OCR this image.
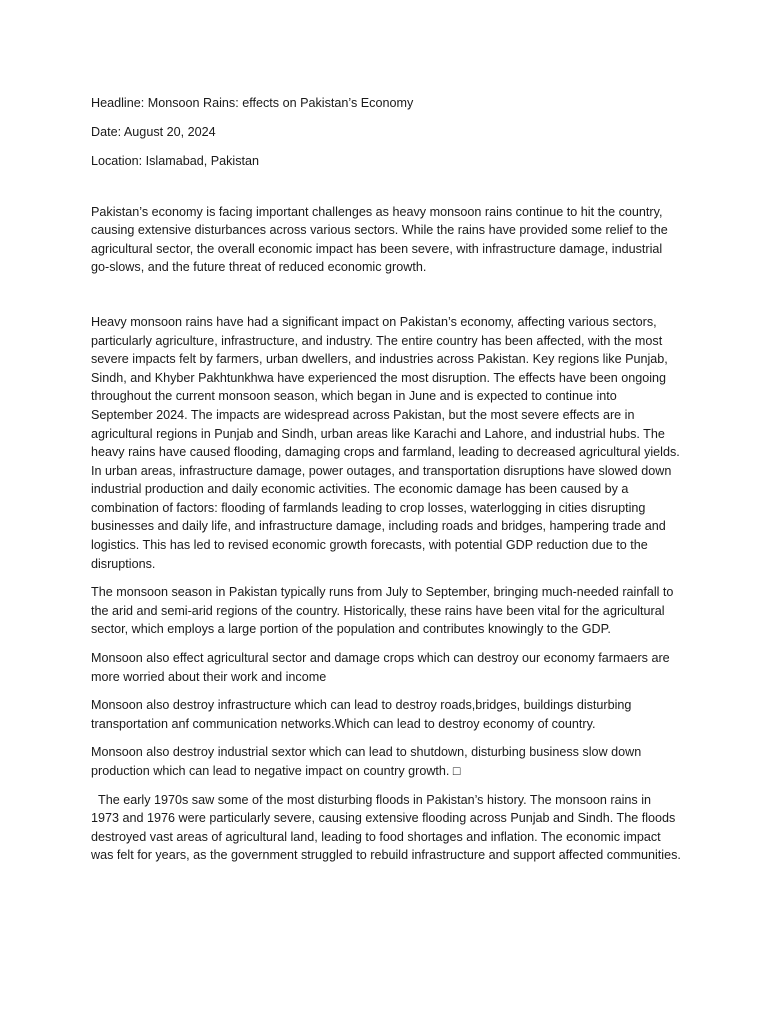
Headline: Monsoon Rains: effects on Pakistan’s Economy
Date: August 20, 2024
Location: Islamabad, Pakistan

Pakistan’s economy is facing important challenges as heavy monsoon rains continue to hit the country, causing extensive disturbances across various sectors. While the rains have provided some relief to the agricultural sector, the overall economic impact has been severe, with infrastructure damage, industrial go-slows, and the future threat of reduced economic growth.

Heavy monsoon rains have had a significant impact on Pakistan’s economy, affecting various sectors, particularly agriculture, infrastructure, and industry. The entire country has been affected, with the most severe impacts felt by farmers, urban dwellers, and industries across Pakistan. Key regions like Punjab, Sindh, and Khyber Pakhtunkhwa have experienced the most disruption. The effects have been ongoing throughout the current monsoon season, which began in June and is expected to continue into September 2024. The impacts are widespread across Pakistan, but the most severe effects are in agricultural regions in Punjab and Sindh, urban areas like Karachi and Lahore, and industrial hubs. The heavy rains have caused flooding, damaging crops and farmland, leading to decreased agricultural yields. In urban areas, infrastructure damage, power outages, and transportation disruptions have slowed down industrial production and daily economic activities. The economic damage has been caused by a combination of factors: flooding of farmlands leading to crop losses, waterlogging in cities disrupting businesses and daily life, and infrastructure damage, including roads and bridges, hampering trade and logistics. This has led to revised economic growth forecasts, with potential GDP reduction due to the disruptions.

The monsoon season in Pakistan typically runs from July to September, bringing much-needed rainfall to the arid and semi-arid regions of the country. Historically, these rains have been vital for the agricultural sector, which employs a large portion of the population and contributes knowingly to the GDP.

Monsoon also effect agricultural sector and damage crops which can destroy our economy farmaers are more worried about their work and income

Monsoon also destroy infrastructure which can lead to destroy roads,bridges, buildings disturbing transportation anf communication networks.Which can lead to destroy economy of country.

Monsoon also destroy industrial sextor which can lead to shutdown, disturbing business slow down production which can lead to negative impact on country growth. □

The early 1970s saw some of the most disturbing floods in Pakistan’s history. The monsoon rains in 1973 and 1976 were particularly severe, causing extensive flooding across Punjab and Sindh. The floods destroyed vast areas of agricultural land, leading to food shortages and inflation. The economic impact was felt for years, as the government struggled to rebuild infrastructure and support affected communities.
